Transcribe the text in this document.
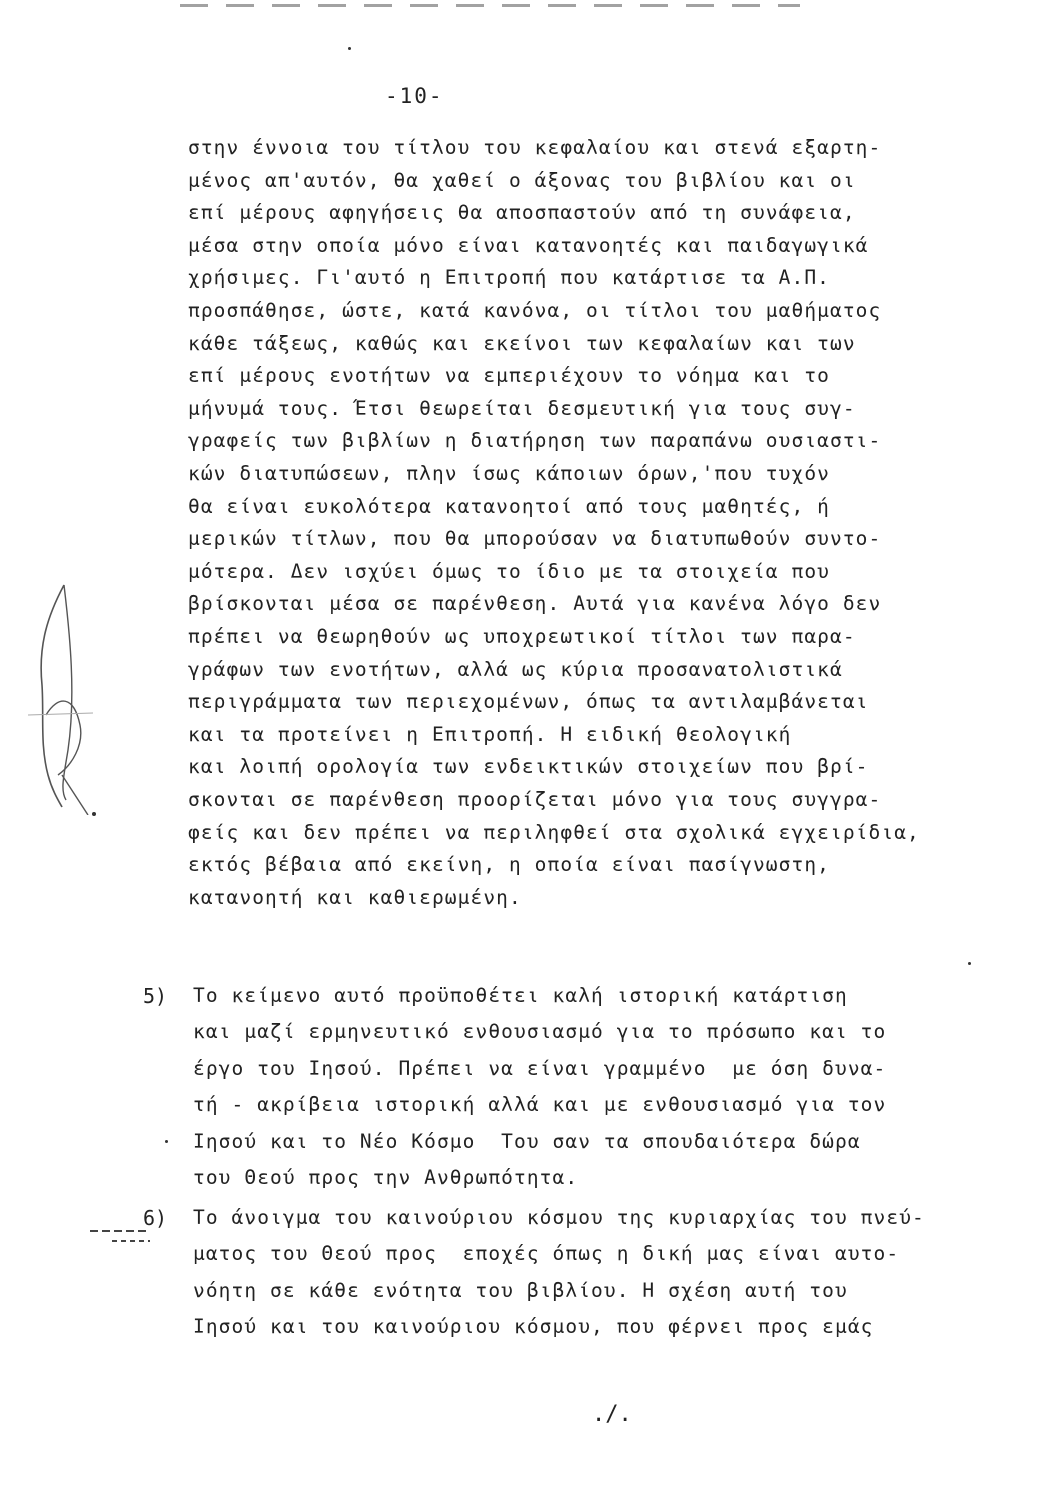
-10-
στην έννοια του τίτλου του κεφαλαίου και στενά εξαρτη-
μένος απ'αυτόν, θα χαθεί ο άξονας του βιβλίου και οι
επί μέρους αφηγήσεις θα αποσπαστούν από τη συνάφεια,
μέσα στην οποία μόνο είναι κατανοητές και παιδαγωγικά
χρήσιμες. Γι'αυτό η Επιτροπή που κατάρτισε τα Α.Π.
προσπάθησε, ώστε, κατά κανόνα, οι τίτλοι του μαθήματος
κάθε τάξεως, καθώς και εκείνοι των κεφαλαίων και των
επί μέρους ενοτήτων να εμπεριέχουν το νόημα και το
μήνυμά τους. Έτσι θεωρείται δεσμευτική για τους συγ-
γραφείς των βιβλίων η διατήρηση των παραπάνω ουσιαστι-
κών διατυπώσεων, πλην ίσως κάποιων όρων,'που τυχόν
θα είναι ευκολότερα κατανοητοί από τους μαθητές, ή
μερικών τίτλων, που θα μπορούσαν να διατυπωθούν συντο-
μότερα. Δεν ισχύει όμως το ίδιο με τα στοιχεία που
βρίσκονται μέσα σε παρένθεση. Αυτά για κανένα λόγο δεν
πρέπει να θεωρηθούν ως υποχρεωτικοί τίτλοι των παρα-
γράφων των ενοτήτων, αλλά ως κύρια προσανατολιστικά
περιγράμματα των περιεχομένων, όπως τα αντιλαμβάνεται
και τα προτείνει η Επιτροπή. Η ειδική θεολογική
και λοιπή ορολογία των ενδεικτικών στοιχείων που βρί-
σκονται σε παρένθεση προορίζεται μόνο για τους συγγρα-
φείς και δεν πρέπει να περιληφθεί στα σχολικά εγχειρίδια,
εκτός βέβαια από εκείνη, η οποία είναι πασίγνωστη,
κατανοητή και καθιερωμένη.
5) Το κείμενο αυτό προϋποθέτει καλή ιστορική κατάρτιση
και μαζί ερμηνευτικό ενθουσιασμό για το πρόσωπο και το
έργο του Ιησού. Πρέπει να είναι γραμμένο  με όση δυνα-
τή - ακρίβεια ιστορική αλλά και με ενθουσιασμό για τον
Ιησού και το Νέο Κόσμο  Του σαν τα σπουδαιότερα δώρα
του Θεού προς την Ανθρωπότητα.
6) Το άνοιγμα του καινούριου κόσμου της κυριαρχίας του πνεύ-
ματος του Θεού προς  εποχές όπως η δική μας είναι αυτο-
νόητη σε κάθε ενότητα του βιβλίου. Η σχέση αυτή του
Ιησού και του καινούριου κόσμου, που φέρνει προς εμάς
./.
